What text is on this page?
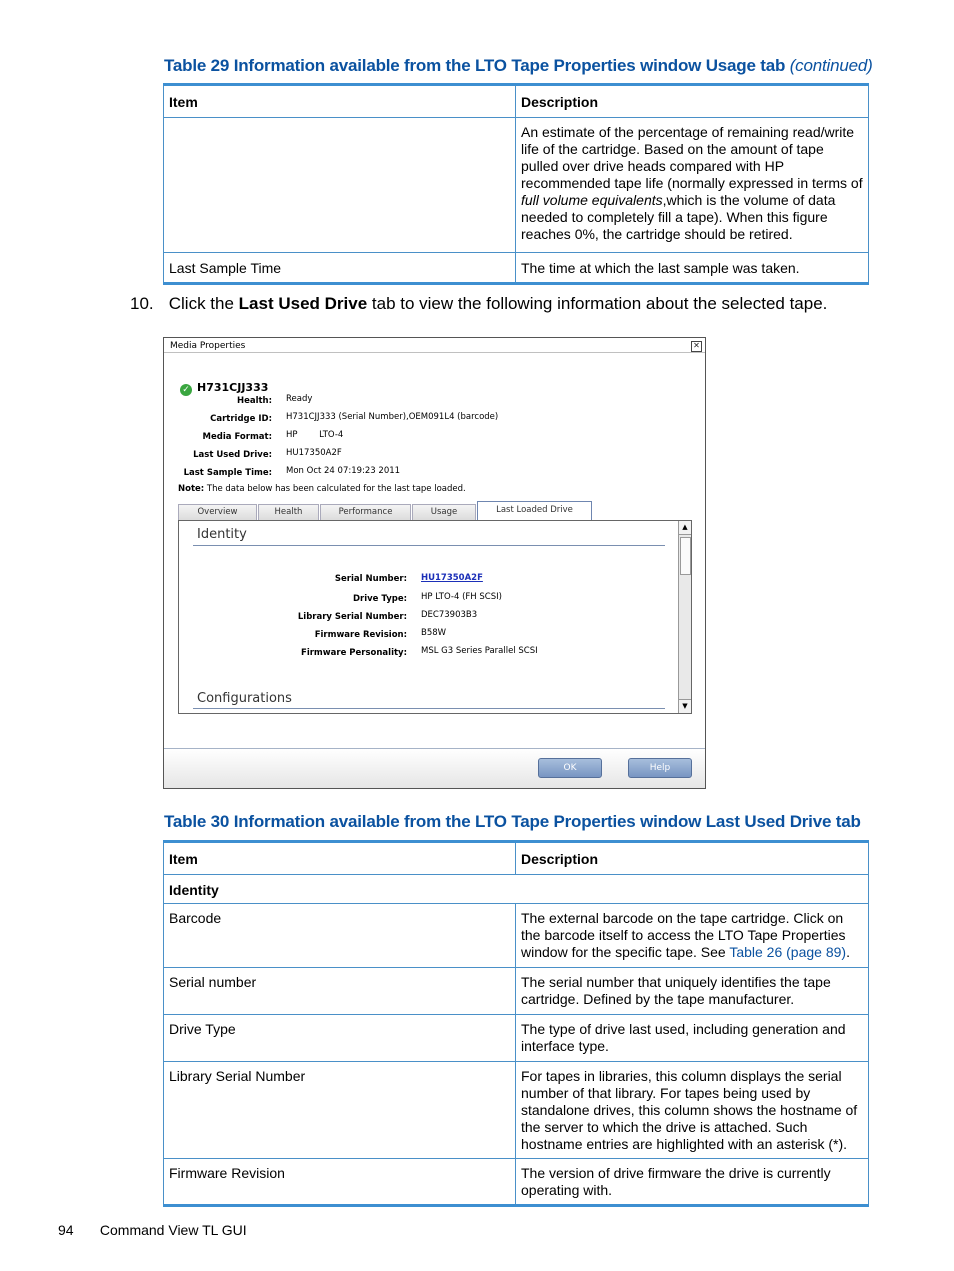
Table 29 Information available from the LTO Tape Properties window Usage tab (continued)
Item	Description
	An estimate of the percentage of remaining read/write life of the cartridge. Based on the amount of tape pulled over drive heads compared with HP recommended tape life (normally expressed in terms of full volume equivalents,which is the volume of data needed to completely fill a tape). When this figure reaches 0%, the cartridge should be retired.
Last Sample Time	The time at which the last sample was taken.
10. Click the Last Used Drive tab to view the following information about the selected tape.
Media Properties	✕
✓ H731CJJ333
Health: Ready
Cartridge ID: H731CJJ333 (Serial Number),OEM091L4 (barcode)
Media Format: HP        LTO-4
Last Used Drive: HU17350A2F
Last Sample Time: Mon Oct 24 07:19:23 2011
Note: The data below has been calculated for the last tape loaded.
Overview	Health	Performance	Usage	Last Loaded Drive
Identity
Serial Number: HU17350A2F
Drive Type: HP LTO-4 (FH SCSI)
Library Serial Number: DEC73903B3
Firmware Revision: B58W
Firmware Personality: MSL G3 Series Parallel SCSI
Configurations
▲
▼
OK	Help
Table 30 Information available from the LTO Tape Properties window Last Used Drive tab
Item	Description
Identity	
Barcode	The external barcode on the tape cartridge. Click on the barcode itself to access the LTO Tape Properties window for the specific tape. See Table 26 (page 89).
Serial number	The serial number that uniquely identifies the tape cartridge. Defined by the tape manufacturer.
Drive Type	The type of drive last used, including generation and interface type.
Library Serial Number	For tapes in libraries, this column displays the serial number of that library. For tapes being used by standalone drives, this column shows the hostname of the server to which the drive is attached. Such hostname entries are highlighted with an asterisk (*).
Firmware Revision	The version of drive firmware the drive is currently operating with.
94 Command View TL GUI
